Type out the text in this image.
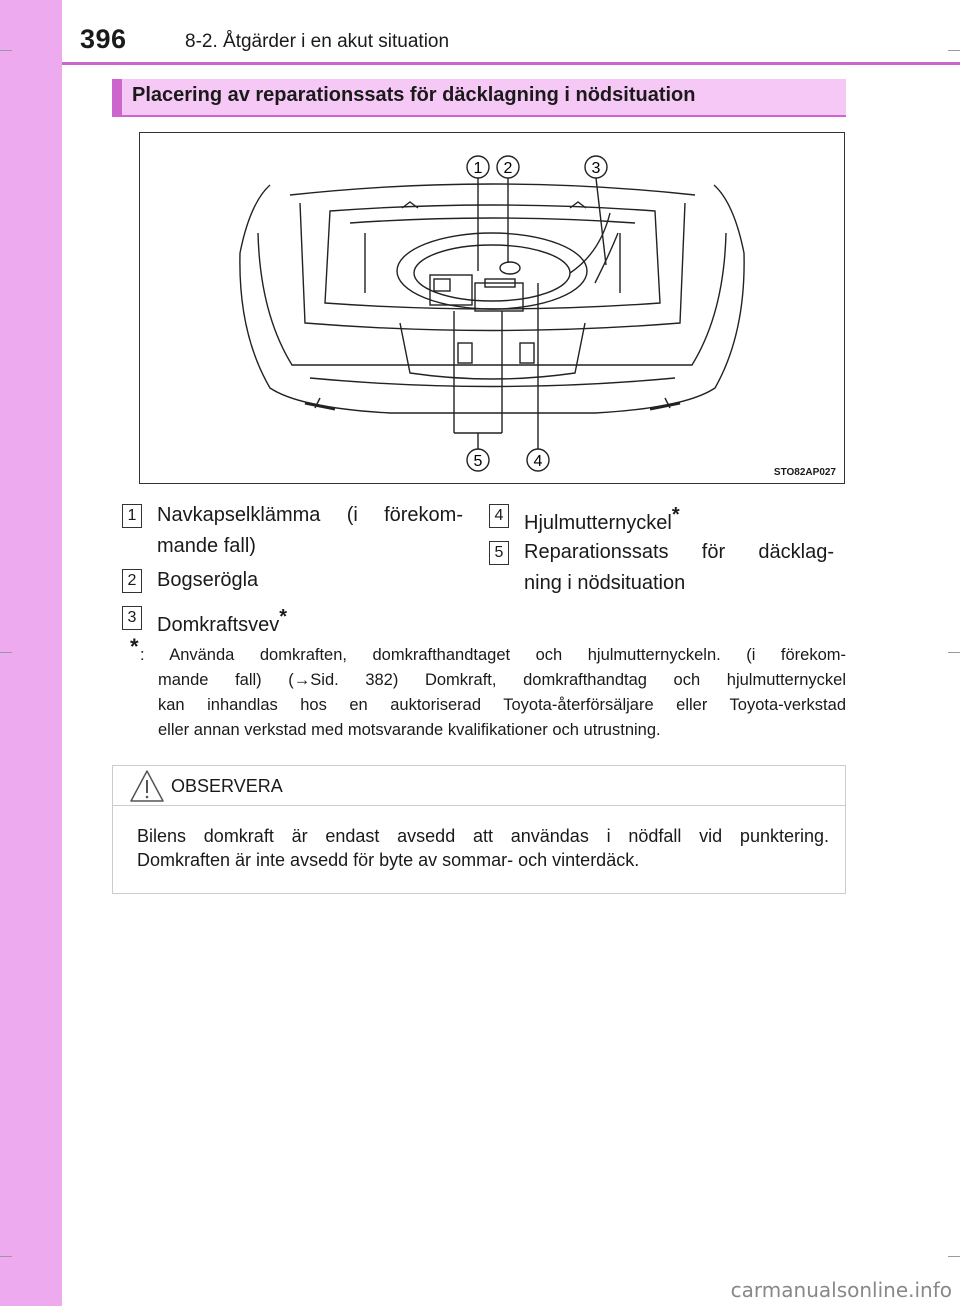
396	8-2. Åtgärder i en akut situation
Placering av reparationssats för däcklagning i nödsituation
1 2	3
4
5
STO82AP027
1 Navkapselklämma (i förekom-
mande fall)
2 Bogserögla
3 Domkraftsvev*
4 Hjulmutternyckel*
5 Reparationssats för däcklag-
ning i nödsituation
* : Använda domkraften, domkrafthandtaget och hjulmutternyckeln. (i förekom-
mande fall) (→Sid. 382) Domkraft, domkrafthandtag och hjulmutternyckel
kan inhandlas hos en auktoriserad Toyota-återförsäljare eller Toyota-verkstad
eller annan verkstad med motsvarande kvalifikationer och utrustning.
OBSERVERA
Bilens domkraft är endast avsedd att användas i nödfall vid punktering.
Domkraften är inte avsedd för byte av sommar- och vinterdäck.
carmanualsonline.info
